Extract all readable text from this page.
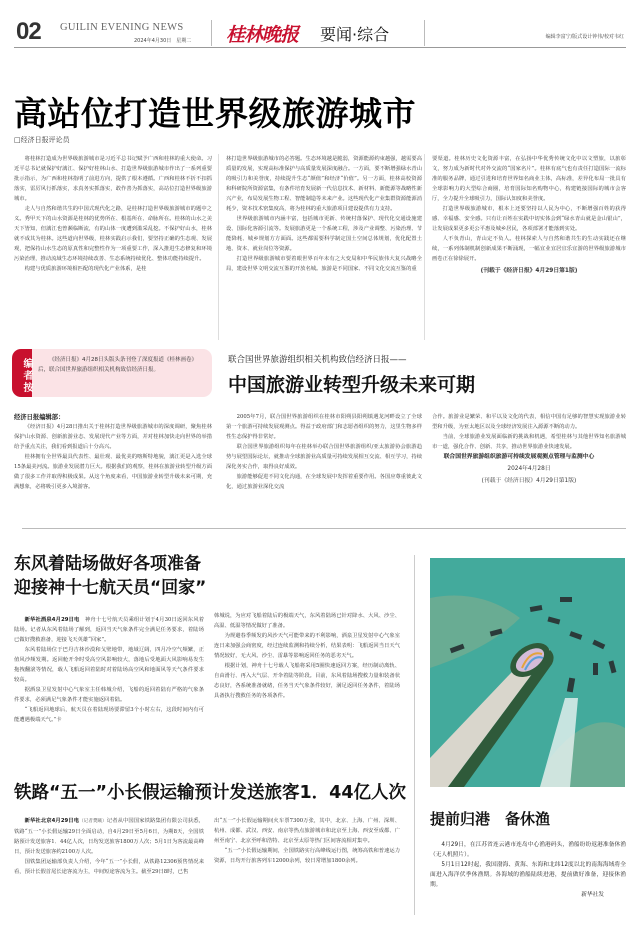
02 GUILIN EVENING NEWS
2024年4月30日　星期二 桂林晚报 要闻·综合	编辑李富宁/版式设计钟伟/校对韦红
高站位打造世界级旅游城市
□经济日报评论员

将桂林打造成为世界级旅游城市是习近平总书记赋予广西和桂林的重大使命。习近平总书记就保护好漓江、保护好桂林山水、打造世界级旅游城市作出了一系列重要批示指示，为广西和桂林指明了前进方向，提供了根本遵循。广西和桂林不折不扣抓落实，雷厉风行抓落实，求真务实抓落实，敢作善为抓落实，高站位打造世界级旅游城市。

走人与自然和谐共生的中国式现代化之路，是桂林打造世界级旅游城市的题中之义。秀甲天下的山水资源是桂林的优势所在、根基所在、命脉所在。桂林的山水之美天下皆知，但漓江也曾濒临断流，有的山体一度遭到滥采乱挖。不保护好山水，桂林就不成其为桂林。这些道向世界级，桂林实践启示我们，要坚持正确的生态观、发展观，把保持山水生态的原真性和完整性作为一项重要工作，深入推进生态修复和环境污染治理，推动流域生态环境持续改善、生态系统持续优化、整体功能持续提升。

构建与优质旅游环境相匹配的现代化产业体系，是桂

林打造世界级旅游城市的必答题。生态环境越是脆弱，资源能源约束越强，越需要高质量的发展，实现高标准保护与高质量发展深度融合。一方面，要不断增强绿水青山的吸引力和美誉度，持续提升生态“颜值”和经济“价值”。另一方面，桂林高校资源和科研院所资源富集，有条件培育发展新一代信息技术、新材料、新能源等战略性新兴产业，布局发展生物工程、智能制造等未来产业。这些现代化产业集群资源能源消耗少，资本技术密集度高，将为桂林的重大旅游项目建设提供有力支持。

世界级旅游城市内涵丰富，包括城市更新、传统村落保护、现代化交通设施建设、国际化客源引流等。发展旅游更是一个系统工程，涉及产业调整、污染治理、节能降耗、城乡规划方方面面。这些都需要科学制定国土空间总体规划，优化配置土地、资本、就业岗位等资源。

打造世界级旅游城市要着眼世界百年未有之大变局和中华民族伟大复兴战略全局，建设世界文明交流互鉴的开放名城。旅游是不同国家、不同文化交流互鉴的重

要渠道。桂林历史文化资源丰富，在弘扬中华优秀传统文化中以文塑旅，以旅彰文，努力成为新时代对外交流的“国家名片”。桂林有底气也有责任打造国际一流标准的服务品牌，通过引进和培育世界知名商业主体，高标准，差异化布局一批具有全球影响力的大型综合商圈，培育国际知名购物中心，构建链接国际的城市会客厅，全力提升全球吸引力，国际认知度和美誉度。

打造世界级旅游城市，根本上还要坚持以人民为中心，不断增强百姓的获得感、幸福感、安全感。只有让百姓在实践中切实体会到“绿水青山就是金山银山”，让发展成果更多更公平惠及城乡居民，各项部署才能落到实处。

人不负青山，青山定不负人。桂林探索人与自然和谐共生的生动实践还在继续，一系列体制机制创新成果不断涌现，一幅宜业宜居宜乐宜游的世界级旅游城市画卷正在徐徐展开。

(刊载于《经济日报》4月29日第1版)

编者按	《经济日报》4月28日头版头条刊登了深度报道《桂林画卷》后，联合国世界旅游组织相关机构致信经济日报。
联合国世界旅游组织相关机构致信经济日报——
中国旅游业转型升级未来可期
经济日报编辑部：

《经济日报》4月28日推出关于桂林打造世界级旅游城市的深度调研，聚焦桂林保护山水资源、创新旅游业态、发展现代产业等方面，并对桂林加快走向世界的举措给予重点关注，我们看到报道后十分高兴。

桂林拥有全世界最具代表性、最壮观、最优美的喀斯特地貌，漓江更是入选全球15条最美河流。旅游业发展潜力巨大。根据我们的观察，桂林在旅游业转型升级方面做了很多工作并取得积极成果。从这个角度来看，中国旅游业转型升级未来可期，充满想象，必将吸引更多入境游客。

2005年7月，联合国世界旅游组织在桂林市阳朔县阳朔镇遇龙河畔设立了全球第一个旅游可持续发展观测点。得益于政府部门和志愿者组织的努力，这里生物多样性生态保护得非常好。

联合国世界旅游组织每年在桂林举办联合国世界旅游组织/亚太旅游协会旅游趋势与展望国际论坛，就推动全球旅游业高质量可持续发展相互交流、相互学习，持续深化务实合作，取得良好成效。

旅游能够促进不同文化沟通，在全球发展中发挥着重要作用。各国应尊重彼此文化，通过旅游业深化交流

合作。旅游业是繁荣、和平以及文化的代表，相信中国有足够的智慧实现旅游业转型和升级，为亚太地区以及全球经济发展注入源源不断的动力。

当前，全球旅游业发展面临新的挑战和机遇，希望桂林与其他世界知名旅游城市一道，强化合作、创新、共享，推动世界旅游业快速发展。

联合国世界旅游组织旅游可持续发展观测点管理与监测中心

2024年4月28日

(刊载于《经济日报》4月29日第1版)

东风着陆场做好各项准备
迎接神十七航天员“回家”

新华社酒泉4月29日电　 神舟十七号航天员乘组计划于4月30日返回东风着陆场。记者从东风着陆场了解到，返回当天气象条件完全满足任务要求，着陆场已做好搜救准备，迎接飞天英雄“回家”。

东风着陆场位于巴丹吉林沙漠和戈壁地带，地域辽阔，四月冷空气频繁，正值风沙频发期。返回舱开伞时受高空风影响较大，落地后受地面大风影响易发生拖拽翻滚等情况，载人飞船返回着陆时对着陆场高空风和地面风等天气条件要求较高。

据酒泉卫星发射中心气象室主任韩城介绍，飞船的返回着陆有严格的气象条件要求，必须满足气象条件才能实施返回着陆。

“飞船返回地球后，航天员在着陆现场要滞留3个小时左右，这段时间内有可能遭遇极端天气。”卡

韩城说，为应对飞船着陆后的极端天气，东风着陆场已针对降水、大风、沙尘、高温、低温等情况做好了准备。

为规避春季频发的风沙天气可能带来的不利影响，酒泉卫星发射中心气象室连日来加强会商密度，经过连续监测和持续分析，结果表明：飞船返回当日天气情况较好，无大风、沙尘、雷暴等影响返回任务的恶劣天气。

根据计划，神舟十七号载人飞船将采用5圈快速返回方案，经历制动离轨、自由滑行、再入大气层、开伞着陆等阶段。目前，东风着陆场搜救力量和装备状态良好，各系统准备就绪，任务当天气象条件较好，满足返回任务条件，着陆场具备执行搜救任务的各项条件。

铁路“五一”小长假运输预计发送旅客1．44亿人次

新华社北京4月29日电（记者樊曦）记者从中国国家铁路集团有限公司获悉，铁路“五一”小长假运输29日全面启动，自4月29日至5月6日，为期8天，全国铁路预计发送旅客1．44亿人次，日均发送旅客1800万人次；5月1日为客流最高峰日，预计发送旅客约2100万人次。

国铁集团运输部负责人介绍，今年“五一”小长假，从铁路12306预售情况来看，预计长假首尾长途客流为主，中间短途客流为主。截至29日8时，已售

出“五一”小长假运输期间火车票7300万张，其中，北京、上海、广州、深圳、杭州、成都、武汉、西安、南京等热点旅游城市和北京至上海、西安至成都、广州至南宁、北京至呼和浩特、北京至太原等热门区间客流相对集中。

“五一”小长假运输期间，全国铁路实行高峰线运行图，统筹高铁和普速运力资源，日均开行旅客列车12000余列，较日常增加1800余列。

提前归港　备休渔

4月29日，在江苏省连云港市连岛中心渔港码头，渔船纷纷返港准备休渔（无人机照片）。

5月1日12时起，我国渤海、黄海、东海和北纬12度以北的南海海域将全面进入海洋伏季休渔期。各海域的渔船陆续进港，提前做好准备，迎接休渔期。

新华社发
